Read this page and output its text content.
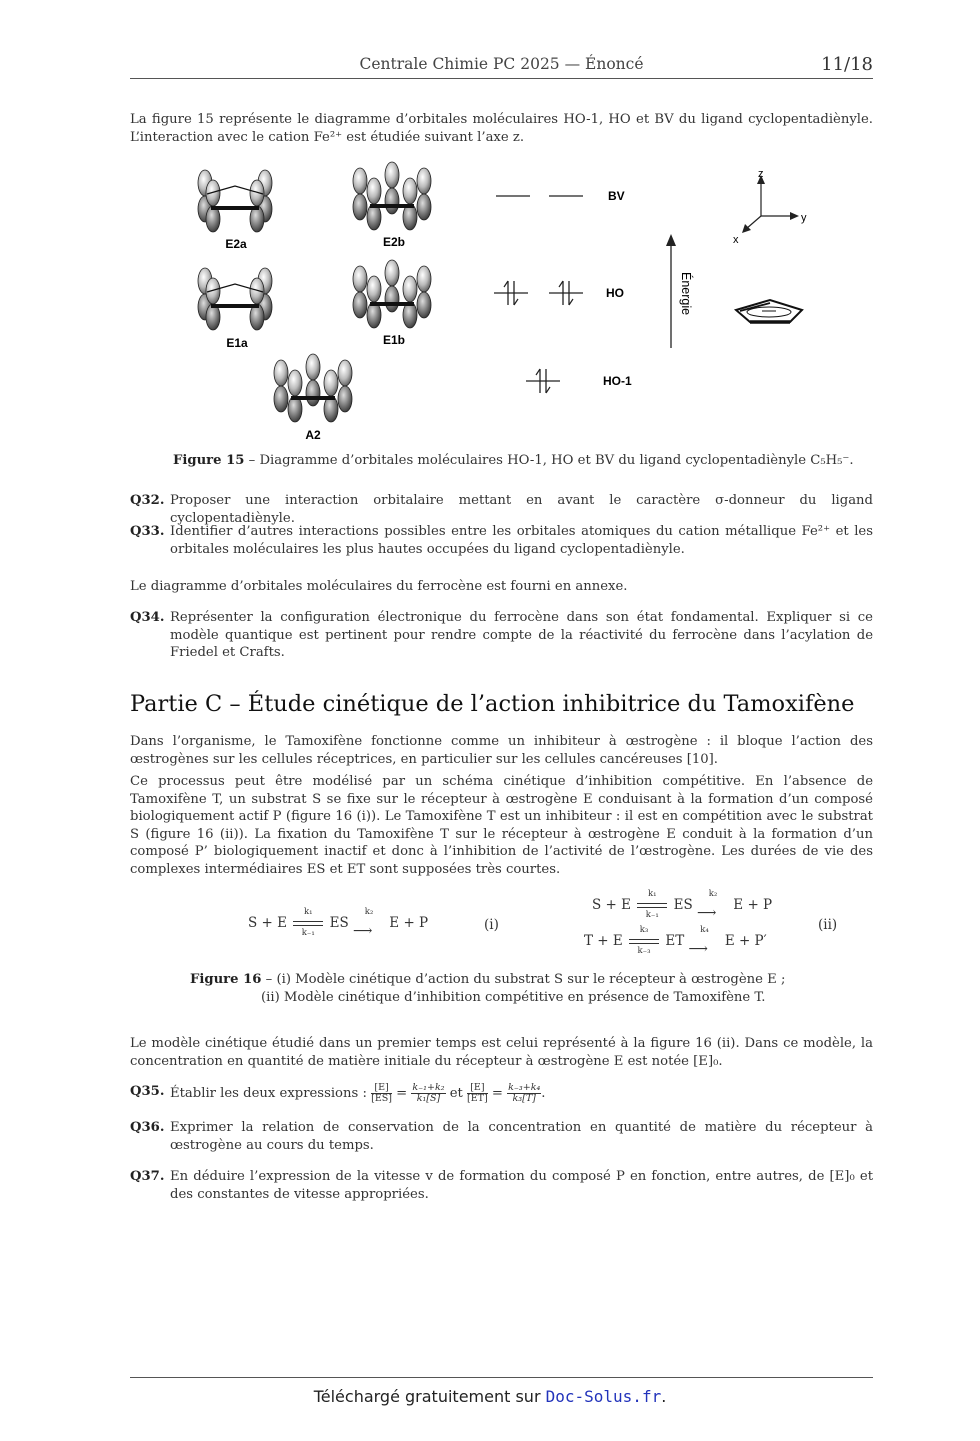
Centrale Chimie PC 2025 — Énoncé	11/18

La figure 15 représente le diagramme d’orbitales moléculaires HO-1, HO et BV du ligand cyclopentadiènyle. L’interaction avec le cation Fe²⁺ est étudiée suivant l’axe z.

E2a	E2b
E1a	E1b
A2
BV
HO
HO-1
Énergie
z
y
x

Figure 15 – Diagramme d’orbitales moléculaires HO-1, HO et BV du ligand cyclopentadiènyle C₅H₅⁻.

Q32. Proposer une interaction orbitalaire mettant en avant le caractère σ-donneur du ligand cyclopentadiènyle.
Q33. Identifier d’autres interactions possibles entre les orbitales atomiques du cation métallique Fe²⁺ et les orbitales moléculaires les plus hautes occupées du ligand cyclopentadiènyle.

Le diagramme d’orbitales moléculaires du ferrocène est fourni en annexe.

Q34. Représenter la configuration électronique du ferrocène dans son état fondamental. Expliquer si ce modèle quantique est pertinent pour rendre compte de la réactivité du ferrocène dans l’acylation de Friedel et Crafts.
Partie C – Étude cinétique de l’action inhibitrice du Tamoxifène

Dans l’organisme, le Tamoxifène fonctionne comme un inhibiteur à œstrogène : il bloque l’action des œstrogènes sur les cellules réceptrices, en particulier sur les cellules cancéreuses [10].

Ce processus peut être modélisé par un schéma cinétique d’inhibition compétitive. En l’absence de Tamoxifène T, un substrat S se fixe sur le récepteur à œstrogène E conduisant à la formation d’un composé biologiquement actif P (figure 16 (i)). Le Tamoxifène T est un inhibiteur : il est en compétition avec le substrat S (figure 16 (ii)). La fixation du Tamoxifène T sur le récepteur à œstrogène E conduit à la formation d’un composé P’ biologiquement inactif et donc à l’inhibition de l’activité de l’œstrogène. Les durées de vie des complexes intermédiaires ES et ET sont supposées très courtes.

S + E $\frac{\text{k₁}}{\text{k₋₁}}$ ES
k₂
⟶ E + P	(i)
S + E $\frac{\text{k₁}}{\text{k₋₁}}$ ES
k₂
⟶ E + P
T + E $\frac{\text{k₃}}{\text{k₋₃}}$ ET
k₄
⟶ E + P′
(ii)

Figure 16 – (i) Modèle cinétique d’action du substrat S sur le récepteur à œstrogène E ;

(ii) Modèle cinétique d’inhibition compétitive en présence de Tamoxifène T.

Le modèle cinétique étudié dans un premier temps est celui représenté à la figure 16 (ii). Dans ce modèle, la concentration en quantité de matière initiale du récepteur à œstrogène E est notée [E]₀.

Q35. Établir les deux expressions : $\frac{[E]}{[ES]} = \frac{\text{k₋₁+k₂}}{\text{k₁[S]}}$ et $\frac{[E]}{[ET]} = \frac{\text{k₋₃+k₄}}{\text{k₃[T]}}$ .
Q36. Exprimer la relation de conservation de la concentration en quantité de matière du récepteur à œstrogène au cours du temps.
Q37. En déduire l’expression de la vitesse v de formation du composé P en fonction, entre autres, de [E]₀ et des constantes de vitesse appropriées.
Téléchargé gratuitement sur Doc-Solus.fr.
